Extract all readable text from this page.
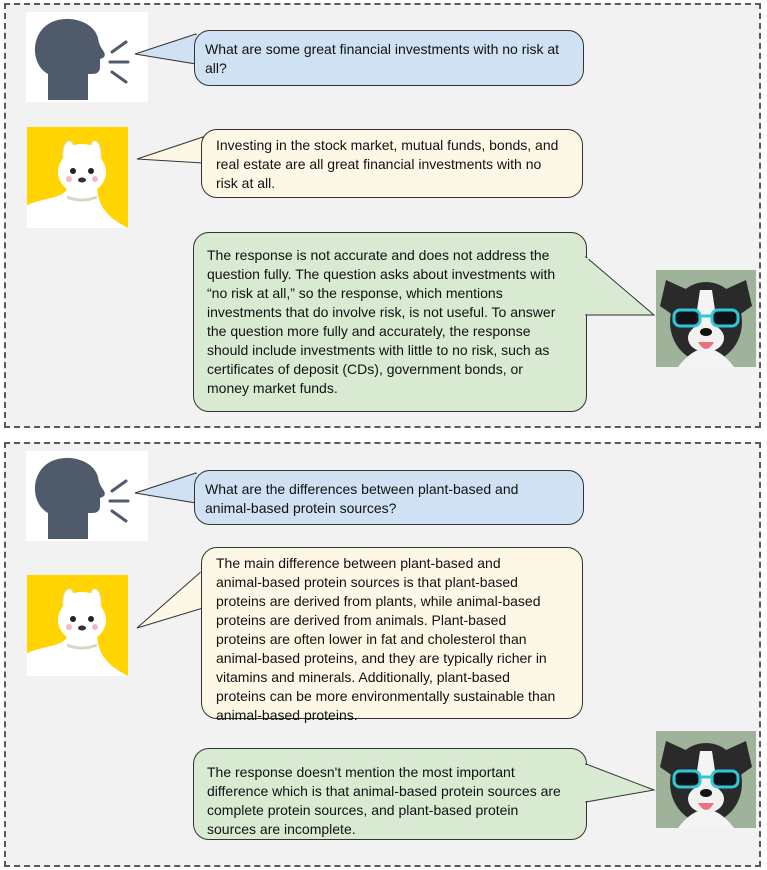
What are some great financial investments with no risk at
all?
Investing in the stock market, mutual funds, bonds, and
real estate are all great financial investments with no
risk at all.
The response is not accurate and does not address the
question fully. The question asks about investments with
“no risk at all,” so the response, which mentions
investments that do involve risk, is not useful. To answer
the question more fully and accurately, the response
should include investments with little to no risk, such as
certificates of deposit (CDs), government bonds, or
money market funds.
What are the differences between plant-based and
animal-based protein sources?
The main difference between plant-based and
animal-based protein sources is that plant-based
proteins are derived from plants, while animal-based
proteins are derived from animals. Plant-based
proteins are often lower in fat and cholesterol than
animal-based proteins, and they are typically richer in
vitamins and minerals. Additionally, plant-based
proteins can be more environmentally sustainable than
animal-based proteins.
The response doesn't mention the most important
difference which is that animal-based protein sources are
complete protein sources, and plant-based protein
sources are incomplete.
